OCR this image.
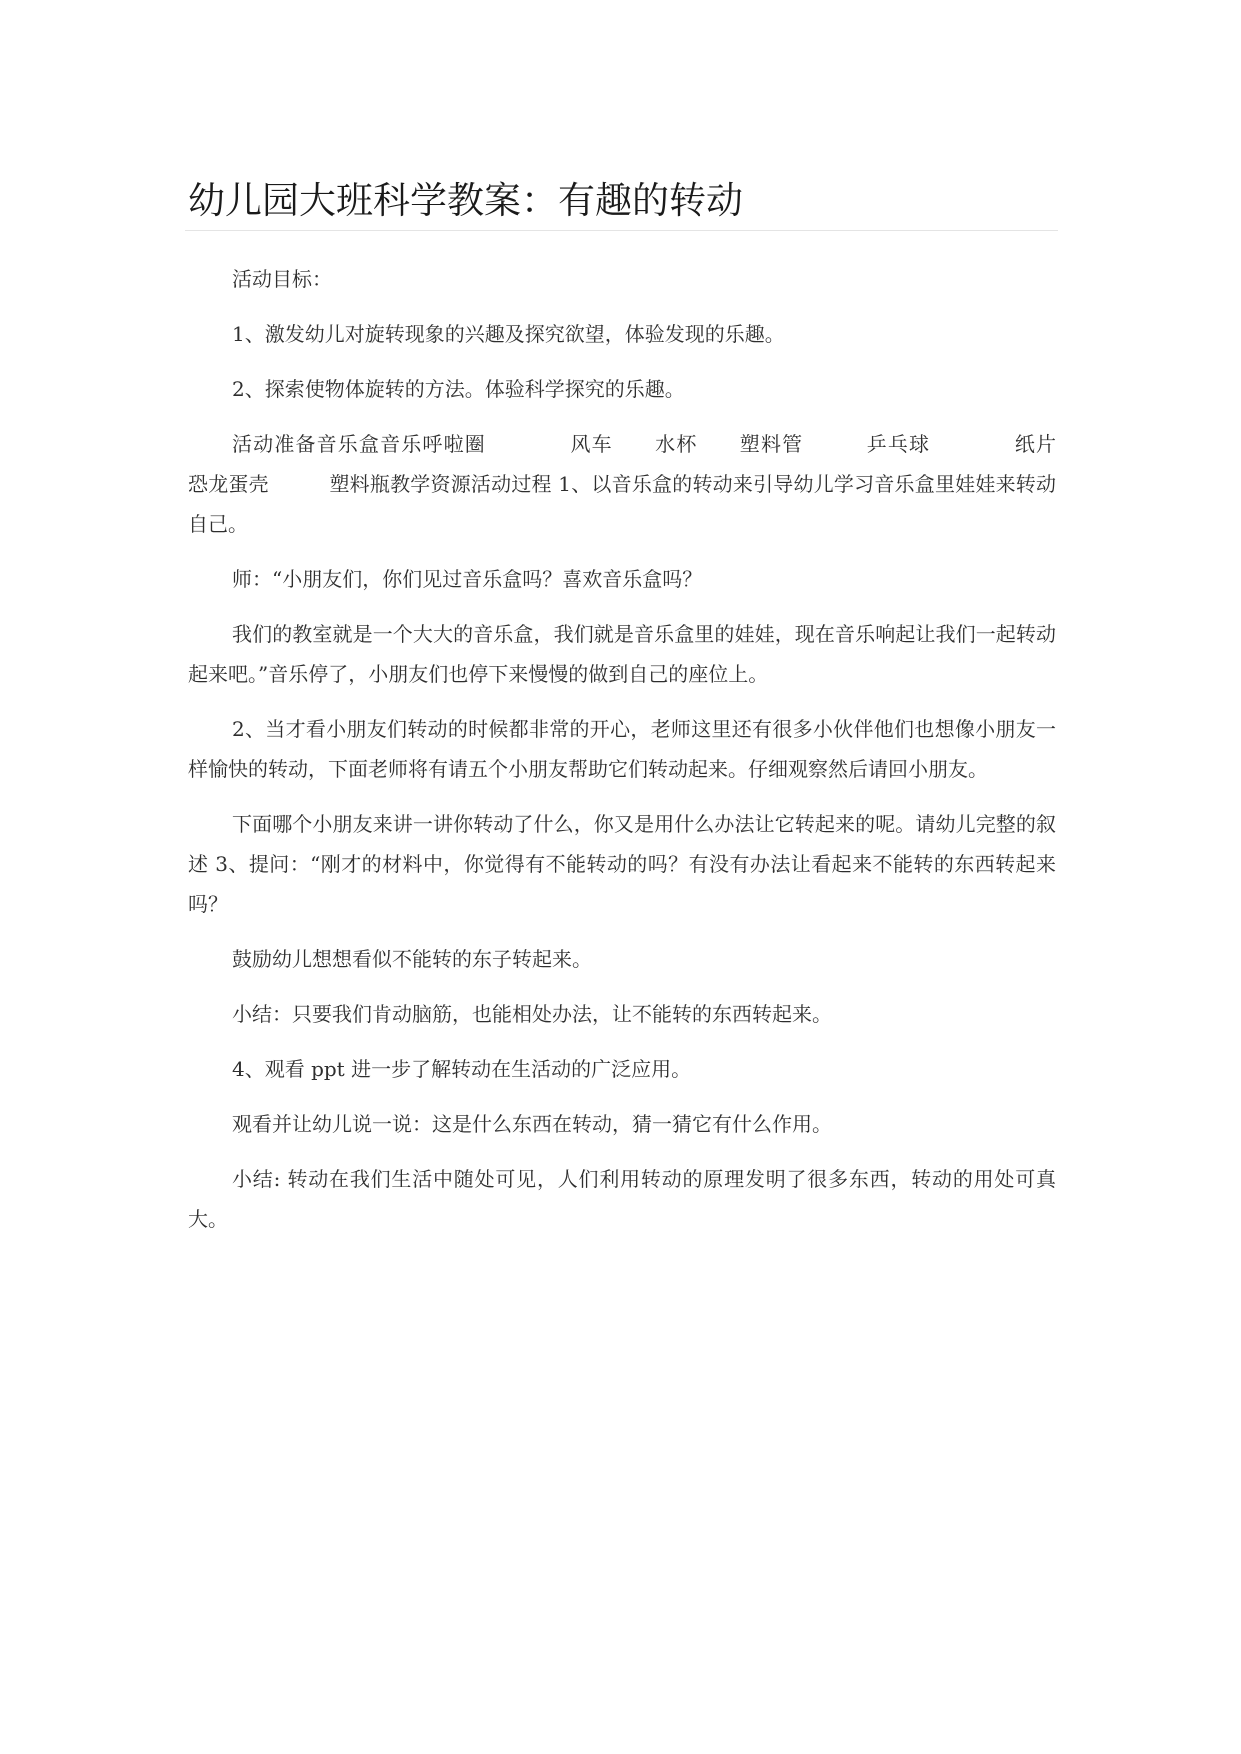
幼儿园大班科学教案：有趣的转动

活动目标：

1、激发幼儿对旋转现象的兴趣及探究欲望，体验发现的乐趣。

2、探索使物体旋转的方法。体验科学探究的乐趣。

活动准备音乐盒音乐呼啦圈　　　　风车　　水杯　　塑料管　　　乒乓球　　　　纸片　　恐龙蛋壳　　　塑料瓶教学资源活动过程 1、以音乐盒的转动来引导幼儿学习音乐盒里娃娃来转动自己。

师：“小朋友们，你们见过音乐盒吗？喜欢音乐盒吗？

我们的教室就是一个大大的音乐盒，我们就是音乐盒里的娃娃，现在音乐响起让我们一起转动起来吧。”音乐停了，小朋友们也停下来慢慢的做到自己的座位上。

2、当才看小朋友们转动的时候都非常的开心，老师这里还有很多小伙伴他们也想像小朋友一样愉快的转动，下面老师将有请五个小朋友帮助它们转动起来。仔细观察然后请回小朋友。

下面哪个小朋友来讲一讲你转动了什么，你又是用什么办法让它转起来的呢。请幼儿完整的叙述 3、提问：“刚才的材料中，你觉得有不能转动的吗？有没有办法让看起来不能转的东西转起来吗？

鼓励幼儿想想看似不能转的东子转起来。

小结：只要我们肯动脑筋，也能相处办法，让不能转的东西转起来。

4、观看 ppt 进一步了解转动在生活动的广泛应用。

观看并让幼儿说一说：这是什么东西在转动，猜一猜它有什么作用。

小结: 转动在我们生活中随处可见，人们利用转动的原理发明了很多东西，转动的用处可真大。
